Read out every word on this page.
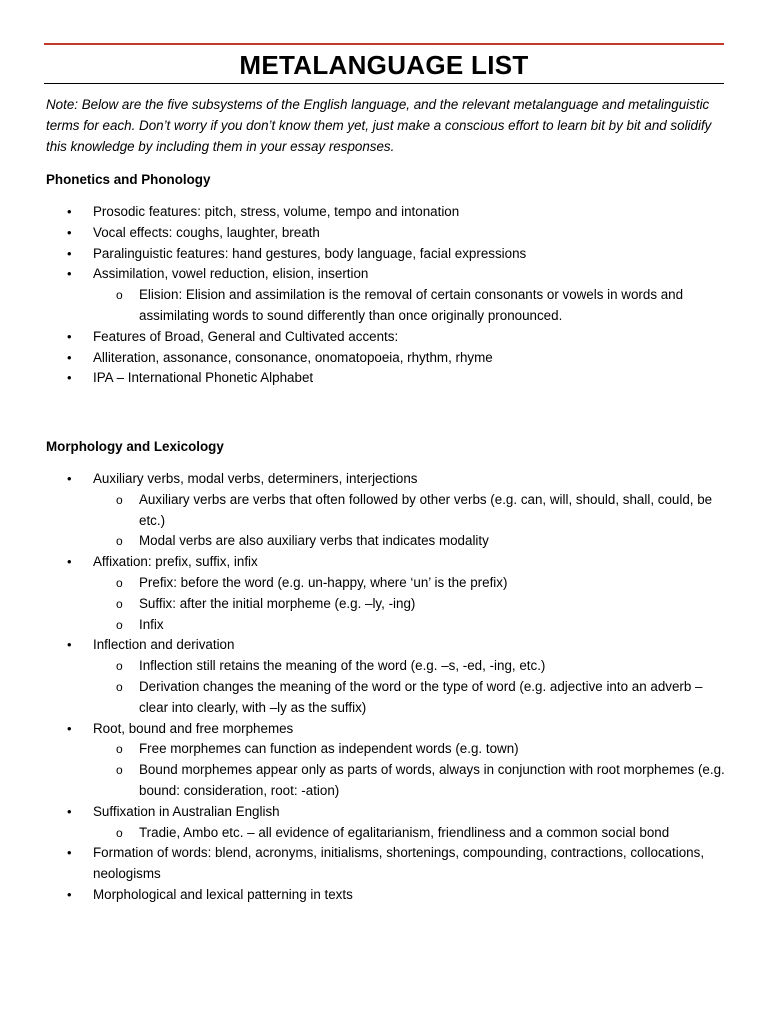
METALANGUAGE LIST
Note: Below are the five subsystems of the English language, and the relevant metalanguage and metalinguistic terms for each. Don’t worry if you don’t know them yet, just make a conscious effort to learn bit by bit and solidify this knowledge by including them in your essay responses.
Phonetics and Phonology
• Prosodic features: pitch, stress, volume, tempo and intonation
• Vocal effects: coughs, laughter, breath
• Paralinguistic features: hand gestures, body language, facial expressions
• Assimilation, vowel reduction, elision, insertion
o Elision: Elision and assimilation is the removal of certain consonants or vowels in words and assimilating words to sound differently than once originally pronounced.
• Features of Broad, General and Cultivated accents:
• Alliteration, assonance, consonance, onomatopoeia, rhythm, rhyme
• IPA – International Phonetic Alphabet
Morphology and Lexicology
• Auxiliary verbs, modal verbs, determiners, interjections
o Auxiliary verbs are verbs that often followed by other verbs (e.g. can, will, should, shall, could, be etc.)
o Modal verbs are also auxiliary verbs that indicates modality
• Affixation: prefix, suffix, infix
o Prefix: before the word (e.g. un-happy, where ‘un’ is the prefix)
o Suffix: after the initial morpheme (e.g. –ly, -ing)
o Infix
• Inflection and derivation
o Inflection still retains the meaning of the word (e.g. –s, -ed, -ing, etc.)
o Derivation changes the meaning of the word or the type of word (e.g. adjective into an adverb – clear into clearly, with –ly as the suffix)
• Root, bound and free morphemes
o Free morphemes can function as independent words (e.g. town)
o Bound morphemes appear only as parts of words, always in conjunction with root morphemes (e.g. bound: consideration, root: -ation)
• Suffixation in Australian English
o Tradie, Ambo etc. – all evidence of egalitarianism, friendliness and a common social bond
• Formation of words: blend, acronyms, initialisms, shortenings, compounding, contractions, collocations, neologisms
• Morphological and lexical patterning in texts
